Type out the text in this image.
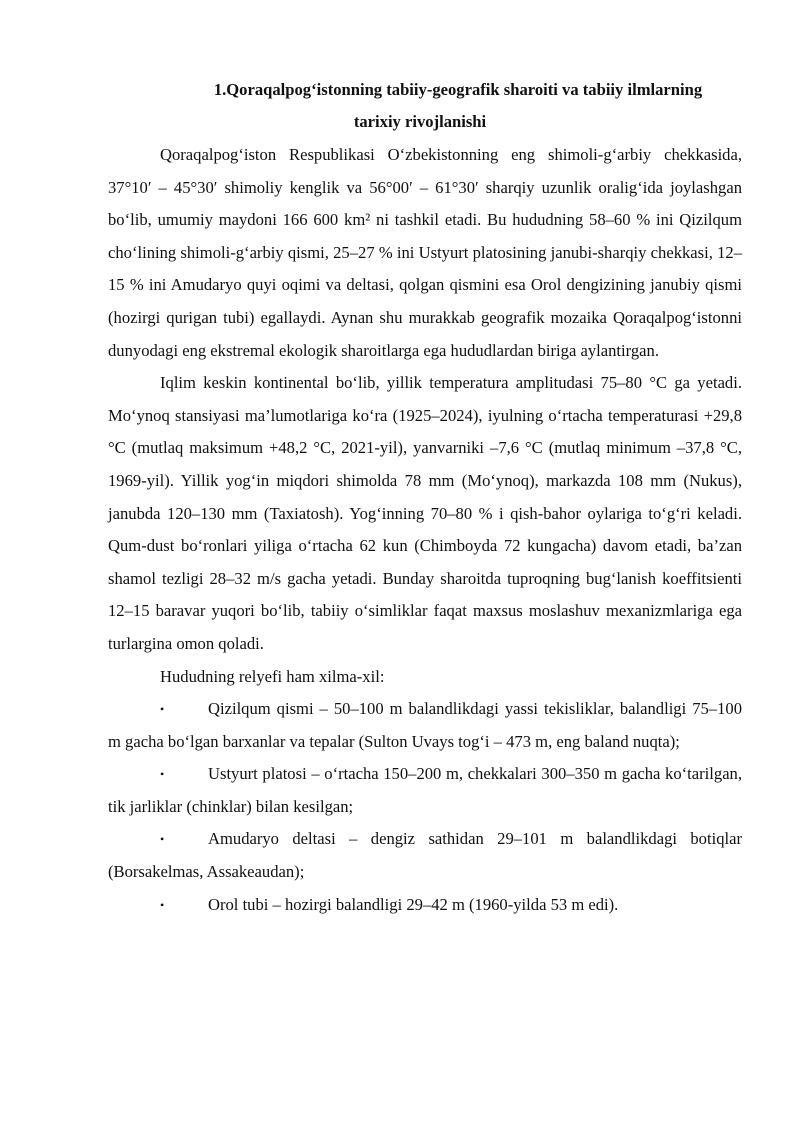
1.Qoraqalpog‘istonning tabiiy-geografik sharoiti va tabiiy ilmlarning
tarixiy rivojlanishi

Qoraqalpog‘iston Respublikasi O‘zbekistonning eng shimoli-g‘arbiy chekkasida, 37°10′ – 45°30′ shimoliy kenglik va 56°00′ – 61°30′ sharqiy uzunlik oralig‘ida joylashgan bo‘lib, umumiy maydoni 166 600 km² ni tashkil etadi. Bu hududning 58–60 % ini Qizilqum cho‘lining shimoli-g‘arbiy qismi, 25–27 % ini Ustyurt platosining janubi-sharqiy chekkasi, 12–15 % ini Amudaryo quyi oqimi va deltasi, qolgan qismini esa Orol dengizining janubiy qismi (hozirgi qurigan tubi) egallaydi. Aynan shu murakkab geografik mozaika Qoraqalpog‘istonni dunyodagi eng ekstremal ekologik sharoitlarga ega hududlardan biriga aylantirgan.

Iqlim keskin kontinental bo‘lib, yillik temperatura amplitudasi 75–80 °C ga yetadi. Mo‘ynoq stansiyasi ma’lumotlariga ko‘ra (1925–2024), iyulning o‘rtacha temperaturasi +29,8 °C (mutlaq maksimum +48,2 °C, 2021-yil), yanvarniki –7,6 °C (mutlaq minimum –37,8 °C, 1969-yil). Yillik yog‘in miqdori shimolda 78 mm (Mo‘ynoq), markazda 108 mm (Nukus), janubda 120–130 mm (Taxiatosh). Yog‘inning 70–80 % i qish-bahor oylariga to‘g‘ri keladi. Qum-dust bo‘ronlari yiliga o‘rtacha 62 kun (Chimboyda 72 kungacha) davom etadi, ba’zan shamol tezligi 28–32 m/s gacha yetadi. Bunday sharoitda tuproqning bug‘lanish koeffitsienti 12–15 baravar yuqori bo‘lib, tabiiy o‘simliklar faqat maxsus moslashuv mexanizmlariga ega turlargina omon qoladi.

Hududning relyefi ham xilma-xil:

•	Qizilqum qismi – 50–100 m balandlikdagi yassi tekisliklar, balandligi 75–100 m gacha bo‘lgan barxanlar va tepalar (Sulton Uvays tog‘i – 473 m, eng baland nuqta);

•	Ustyurt platosi – o‘rtacha 150–200 m, chekkalari 300–350 m gacha ko‘tarilgan, tik jarliklar (chinklar) bilan kesilgan;

•	Amudaryo deltasi – dengiz sathidan 29–101 m balandlikdagi botiqlar (Borsakelmas, Assakeaudan);

•	Orol tubi – hozirgi balandligi 29–42 m (1960-yilda 53 m edi).
